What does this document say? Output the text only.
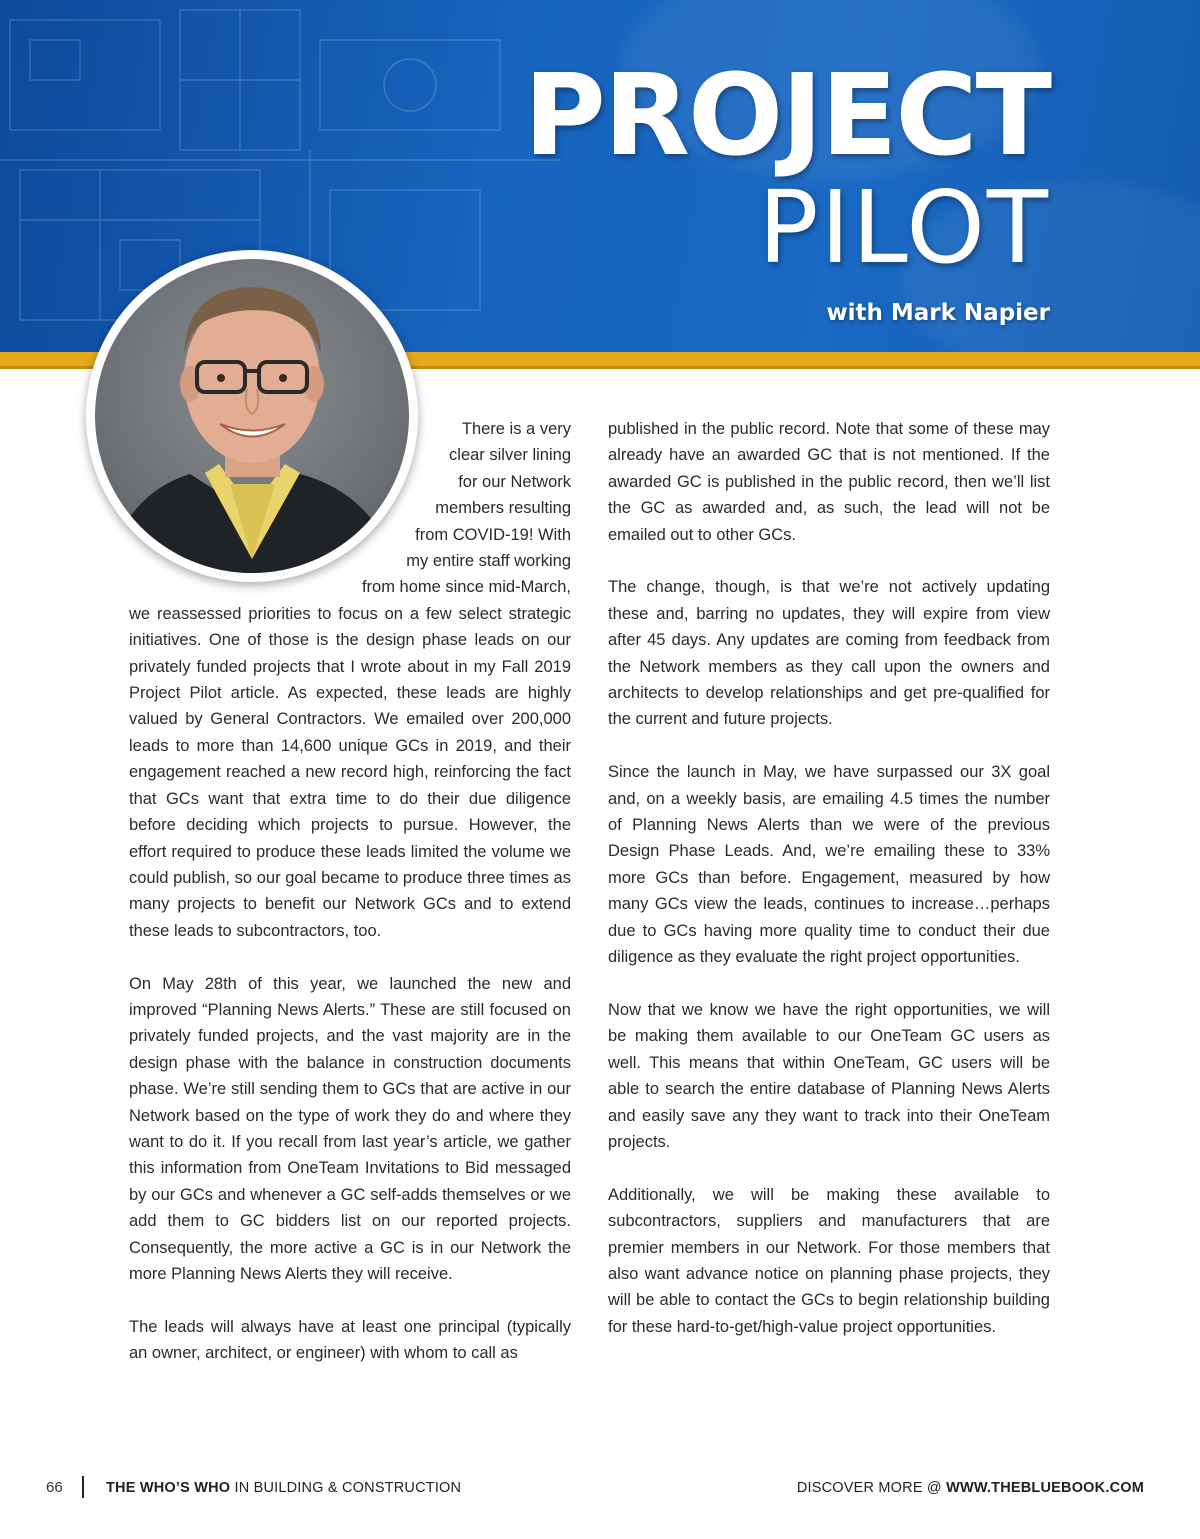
PROJECT
PILOT
with Mark Napier

There is a very
clear silver lining
for our Network
members resulting
from COVID-19! With
my entire staff working
from home since mid-March,
we reassessed priorities to focus on a few select strategic initiatives. One of those is the design phase leads on our privately funded projects that I wrote about in my Fall 2019 Project Pilot article. As expected, these leads are highly valued by General Contractors. We emailed over 200,000 leads to more than 14,600 unique GCs in 2019, and their engagement reached a new record high, reinforcing the fact that GCs want that extra time to do their due diligence before deciding which projects to pursue. However, the effort required to produce these leads limited the volume we could publish, so our goal became to produce three times as many projects to benefit our Network GCs and to extend these leads to subcontractors, too.

On May 28th of this year, we launched the new and improved “Planning News Alerts.” These are still focused on privately funded projects, and the vast majority are in the design phase with the balance in construction documents phase. We’re still sending them to GCs that are active in our Network based on the type of work they do and where they want to do it. If you recall from last year’s article, we gather this information from OneTeam Invitations to Bid messaged by our GCs and whenever a GC self-adds themselves or we add them to GC bidders list on our reported projects. Consequently, the more active a GC is in our Network the more Planning News Alerts they will receive.

The leads will always have at least one principal (typically an owner, architect, or engineer) with whom to call as

published in the public record. Note that some of these may already have an awarded GC that is not mentioned. If the awarded GC is published in the public record, then we’ll list the GC as awarded and, as such, the lead will not be emailed out to other GCs.

The change, though, is that we’re not actively updating these and, barring no updates, they will expire from view after 45 days. Any updates are coming from feedback from the Network members as they call upon the owners and architects to develop relationships and get pre-qualified for the current and future projects.

Since the launch in May, we have surpassed our 3X goal and, on a weekly basis, are emailing 4.5 times the number of Planning News Alerts than we were of the previous Design Phase Leads. And, we’re emailing these to 33% more GCs than before. Engagement, measured by how many GCs view the leads, continues to increase…perhaps due to GCs having more quality time to conduct their due diligence as they evaluate the right project opportunities.

Now that we know we have the right opportunities, we will be making them available to our OneTeam GC users as well. This means that within OneTeam, GC users will be able to search the entire database of Planning News Alerts and easily save any they want to track into their OneTeam projects.

Additionally, we will be making these available to subcontractors, suppliers and manufacturers that are premier members in our Network. For those members that also want advance notice on planning phase projects, they will be able to contact the GCs to begin relationship building for these hard-to-get/high-value project opportunities.

66	THE WHO’S WHO IN BUILDING & CONSTRUCTION	DISCOVER MORE @ WWW.THEBLUEBOOK.COM
